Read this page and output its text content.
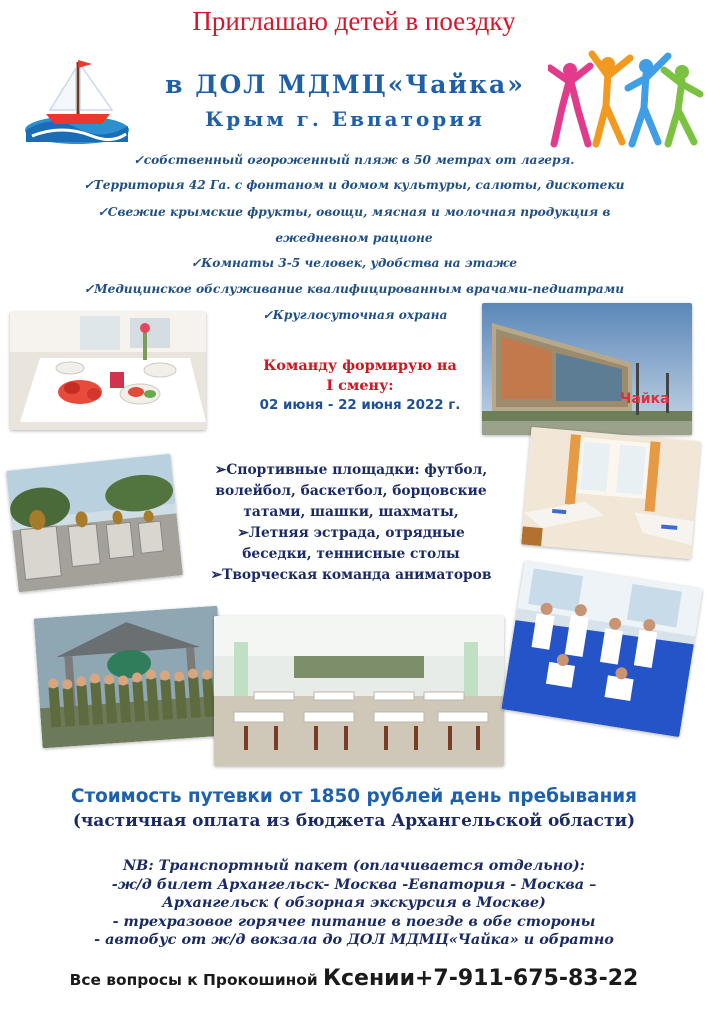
Приглашаю детей в поездку
в ДОЛ МДМЦ«Чайка»
Крым г. Евпатория
✓собственный огороженный пляж в 50 метрах от лагеря.
✓Территория 42 Га. с фонтаном и домом культуры, салюты, дискотеки
✓Свежие крымские фрукты, овощи, мясная и молочная продукция в
ежедневном рационе
✓Комнаты 3-5 человек, удобства на этаже
✓Медицинское обслуживание квалифицированным врачами-педиатрами
✓Круглосуточная охрана
Команду формирую на
I смену:
02 июня - 22 июня 2022 г.	Чайка
➢Спортивные площадки: футбол,
волейбол, баскетбол, борцовские
татами, шашки, шахматы,
➢Летняя эстрада, отрядные
беседки, теннисные столы
➢Творческая команда аниматоров
Стоимость путевки от 1850 рублей день пребывания
(частичная оплата из бюджета Архангельской области)
NB: Транспортный пакет (оплачивается отдельно):
-ж/д билет Архангельск- Москва -Евпатория - Москва –
Архангельск ( обзорная экскурсия в Москве)
- трехразовое горячее питание в поезде в обе стороны
- автобус от ж/д вокзала до ДОЛ МДМЦ«Чайка» и обратно
Все вопросы к Прокошиной Ксении+7-911-675-83-22
